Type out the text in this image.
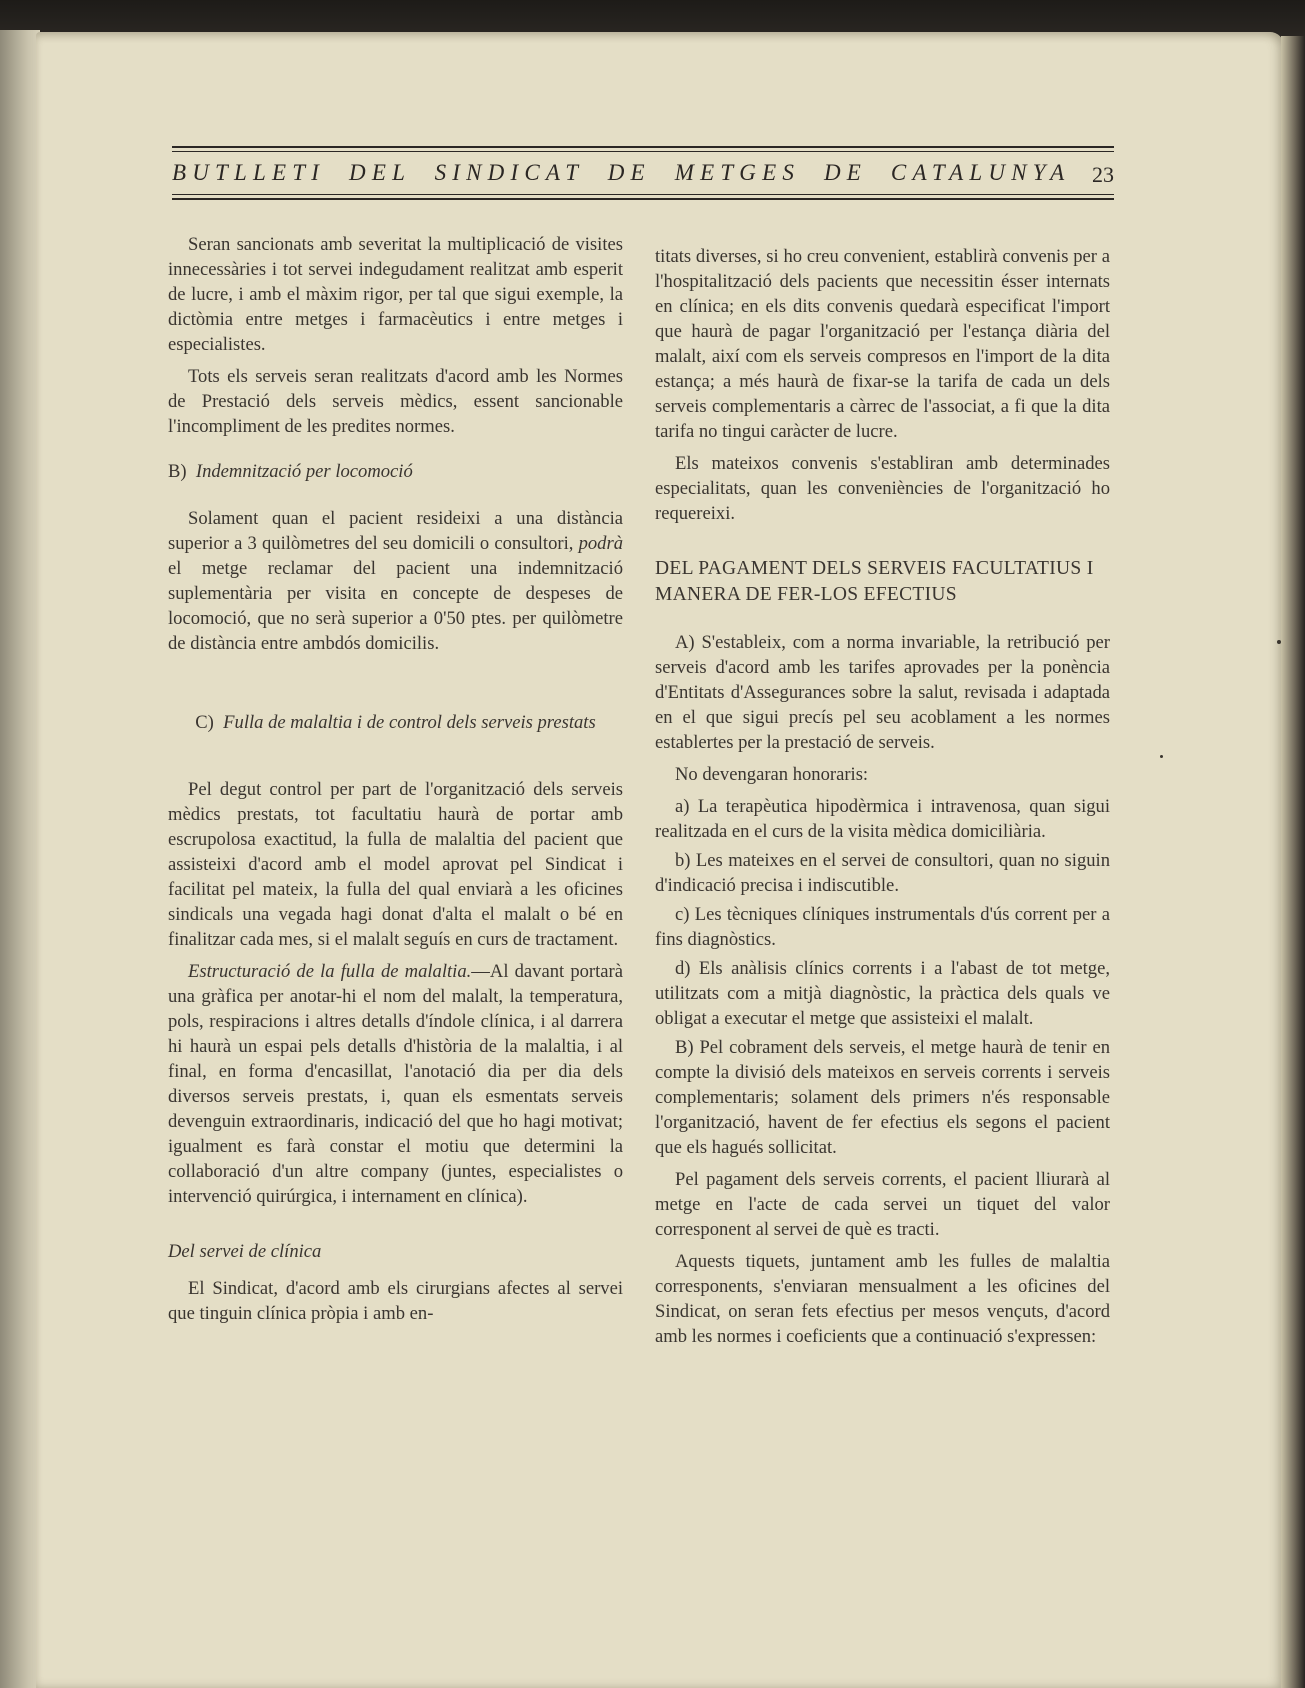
BUTLLETI  DEL  SINDICAT  DE  METGES  DE  CATALUNYA 23

Seran sancionats amb severitat la multiplicació de visites innecessàries i tot servei indegudament realitzat amb esperit de lucre, i amb el màxim rigor, per tal que sigui exemple, la dictòmia entre metges i farmacèutics i entre metges i especialistes.

Tots els serveis seran realitzats d'acord amb les Normes de Prestació dels serveis mèdics, essent sancionable l'incompliment de les predites normes.

B) Indemnització per locomoció

Solament quan el pacient resideixi a una distància superior a 3 quilòmetres del seu domicili o consultori, podrà el metge reclamar del pacient una indemnització suplementària per visita en concepte de despeses de locomoció, que no serà superior a 0'50 ptes. per quilòmetre de distància entre ambdós domicilis.

C) Fulla de malaltia i de control dels serveis prestats

Pel degut control per part de l'organització dels serveis mèdics prestats, tot facultatiu haurà de portar amb escrupolosa exactitud, la fulla de malaltia del pacient que assisteixi d'acord amb el model aprovat pel Sindicat i facilitat pel mateix, la fulla del qual enviarà a les oficines sindicals una vegada hagi donat d'alta el malalt o bé en finalitzar cada mes, si el malalt seguís en curs de tractament.

Estructuració de la fulla de malaltia.—Al davant portarà una gràfica per anotar-hi el nom del malalt, la temperatura, pols, respiracions i altres detalls d'índole clínica, i al darrera hi haurà un espai pels detalls d'història de la malaltia, i al final, en forma d'encasillat, l'anotació dia per dia dels diversos serveis prestats, i, quan els esmentats serveis devenguin extraordinaris, indicació del que ho hagi motivat; igualment es farà constar el motiu que determini la collaboració d'un altre company (juntes, especialistes o intervenció quirúrgica, i internament en clínica).

Del servei de clínica

El Sindicat, d'acord amb els cirurgians afectes al servei que tinguin clínica pròpia i amb en-

titats diverses, si ho creu convenient, establirà convenis per a l'hospitalització dels pacients que necessitin ésser internats en clínica; en els dits convenis quedarà especificat l'import que haurà de pagar l'organització per l'estança diària del malalt, així com els serveis compresos en l'import de la dita estança; a més haurà de fixar-se la tarifa de cada un dels serveis complementaris a càrrec de l'associat, a fi que la dita tarifa no tingui caràcter de lucre.

Els mateixos convenis s'establiran amb determinades especialitats, quan les conveniències de l'organització ho requereixi.

DEL PAGAMENT DELS SERVEIS FACULTATIUS I MANERA DE FER-LOS EFECTIUS

A) S'estableix, com a norma invariable, la retribució per serveis d'acord amb les tarifes aprovades per la ponència d'Entitats d'Assegurances sobre la salut, revisada i adaptada en el que sigui precís pel seu acoblament a les normes establertes per la prestació de serveis.

No devengaran honoraris:

a) La terapèutica hipodèrmica i intravenosa, quan sigui realitzada en el curs de la visita mèdica domiciliària.

b) Les mateixes en el servei de consultori, quan no siguin d'indicació precisa i indiscutible.

c) Les tècniques clíniques instrumentals d'ús corrent per a fins diagnòstics.

d) Els anàlisis clínics corrents i a l'abast de tot metge, utilitzats com a mitjà diagnòstic, la pràctica dels quals ve obligat a executar el metge que assisteixi el malalt.

B) Pel cobrament dels serveis, el metge haurà de tenir en compte la divisió dels mateixos en serveis corrents i serveis complementaris; solament dels primers n'és responsable l'organització, havent de fer efectius els segons el pacient que els hagués sollicitat.

Pel pagament dels serveis corrents, el pacient lliurarà al metge en l'acte de cada servei un tiquet del valor corresponent al servei de què es tracti.

Aquests tiquets, juntament amb les fulles de malaltia corresponents, s'enviaran mensualment a les oficines del Sindicat, on seran fets efectius per mesos vençuts, d'acord amb les normes i coeficients que a continuació s'expressen:
